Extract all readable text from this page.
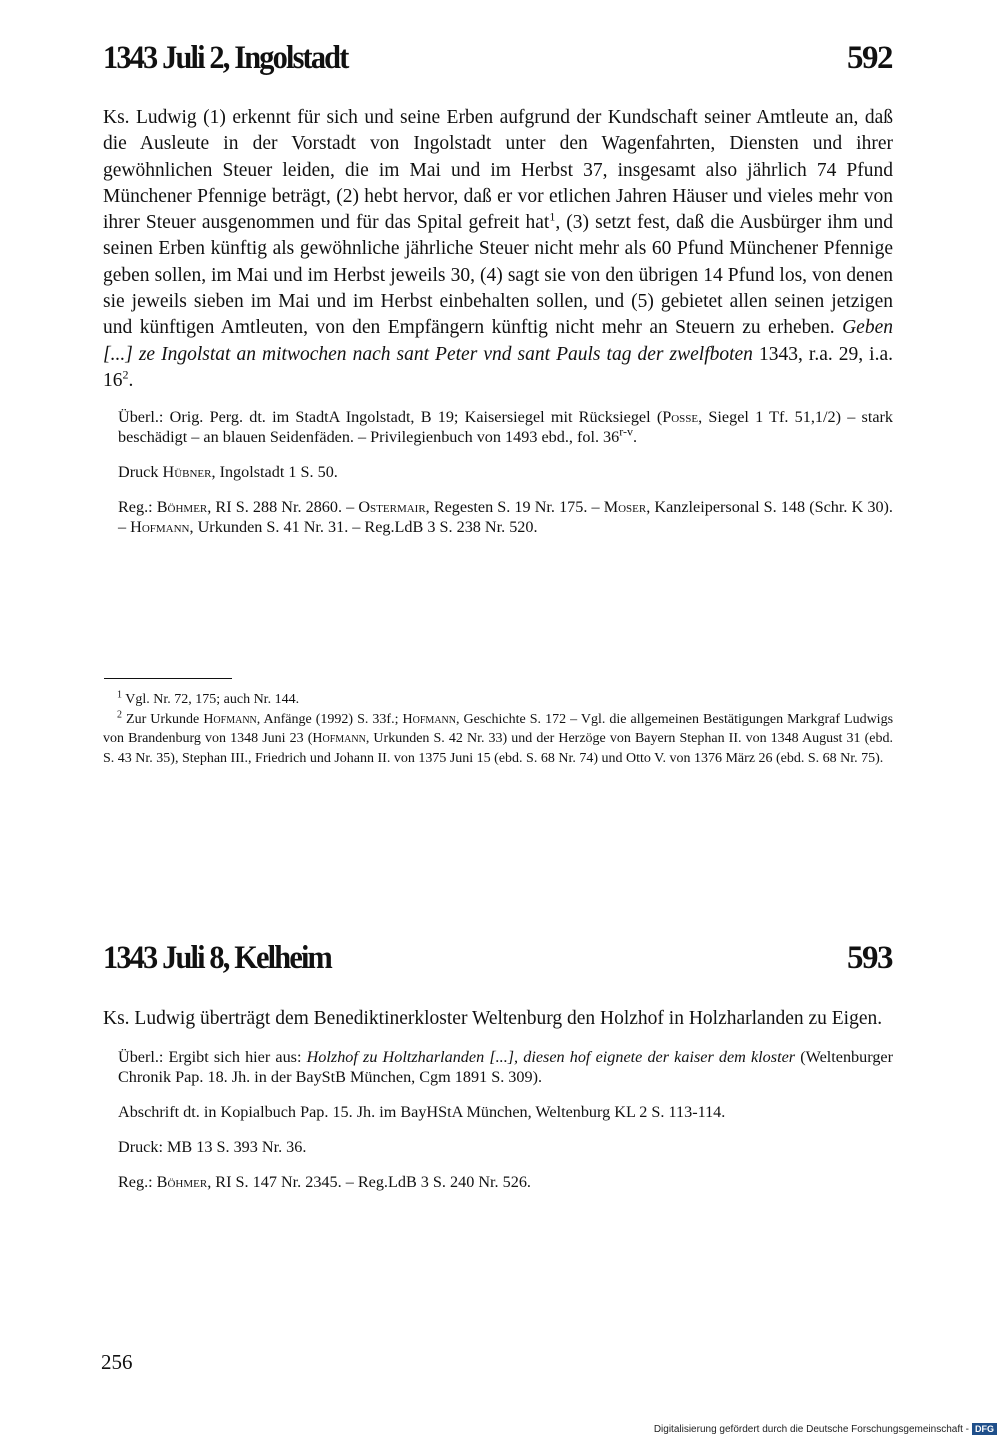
1343 Juli 2, Ingolstadt	592

Ks. Ludwig (1) erkennt für sich und seine Erben aufgrund der Kundschaft seiner Amtleute an, daß die Ausleute in der Vorstadt von Ingolstadt unter den Wagenfahrten, Diensten und ihrer gewöhnlichen Steuer leiden, die im Mai und im Herbst 37, insgesamt also jährlich 74 Pfund Münchener Pfennige beträgt, (2) hebt hervor, daß er vor etlichen Jahren Häuser und vieles mehr von ihrer Steuer ausgenommen und für das Spital gefreit hat$^1$, (3) setzt fest, daß die Ausbürger ihm und seinen Erben künftig als gewöhnliche jährliche Steuer nicht mehr als 60 Pfund Münchener Pfennige geben sollen, im Mai und im Herbst jeweils 30, (4) sagt sie von den übrigen 14 Pfund los, von denen sie jeweils sieben im Mai und im Herbst einbehalten sollen, und (5) gebietet allen seinen jetzigen und künftigen Amtleuten, von den Empfängern künftig nicht mehr an Steuern zu erheben. Geben [...] ze Ingolstat an mitwochen nach sant Peter vnd sant Pauls tag der zwelfboten 1343, r.a. 29, i.a. $16^2$.

Überl.: Orig. Perg. dt. im StadtA Ingolstadt, B 19; Kaisersiegel mit Rücksiegel (Posse, Siegel 1 Tf. 51,1/2) – stark beschädigt – an blauen Seidenfäden. – Privilegienbuch von 1493 ebd., fol. 36$^{r-v}$.

Druck Hübner, Ingolstadt 1 S. 50.

Reg.: Böhmer, RI S. 288 Nr. 2860. – Ostermair, Regesten S. 19 Nr. 175. – Moser, Kanzleipersonal S. 148 (Schr. K 30). – Hofmann, Urkunden S. 41 Nr. 31. – Reg.LdB 3 S. 238 Nr. 520.

$^1$ Vgl. Nr. 72, 175; auch Nr. 144.

$^2$ Zur Urkunde Hofmann, Anfänge (1992) S. 33f.; Hofmann, Geschichte S. 172 – Vgl. die allgemeinen Bestätigungen Markgraf Ludwigs von Brandenburg von 1348 Juni 23 (Hofmann, Urkunden S. 42 Nr. 33) und der Herzöge von Bayern Stephan II. von 1348 August 31 (ebd. S. 43 Nr. 35), Stephan III., Friedrich und Johann II. von 1375 Juni 15 (ebd. S. 68 Nr. 74) und Otto V. von 1376 März 26 (ebd. S. 68 Nr. 75).

1343 Juli 8, Kelheim	593

Ks. Ludwig überträgt dem Benediktinerkloster Weltenburg den Holzhof in Holzharlanden zu Eigen.

Überl.: Ergibt sich hier aus: Holzhof zu Holtzharlanden [...], diesen hof eignete der kaiser dem kloster (Weltenburger Chronik Pap. 18. Jh. in der BayStB München, Cgm 1891 S. 309).

Abschrift dt. in Kopialbuch Pap. 15. Jh. im BayHStA München, Weltenburg KL 2 S. 113-114.

Druck: MB 13 S. 393 Nr. 36.

Reg.: Böhmer, RI S. 147 Nr. 2345. – Reg.LdB 3 S. 240 Nr. 526.

256
Digitalisierung gefördert durch die Deutsche Forschungsgemeinschaft - DFG
